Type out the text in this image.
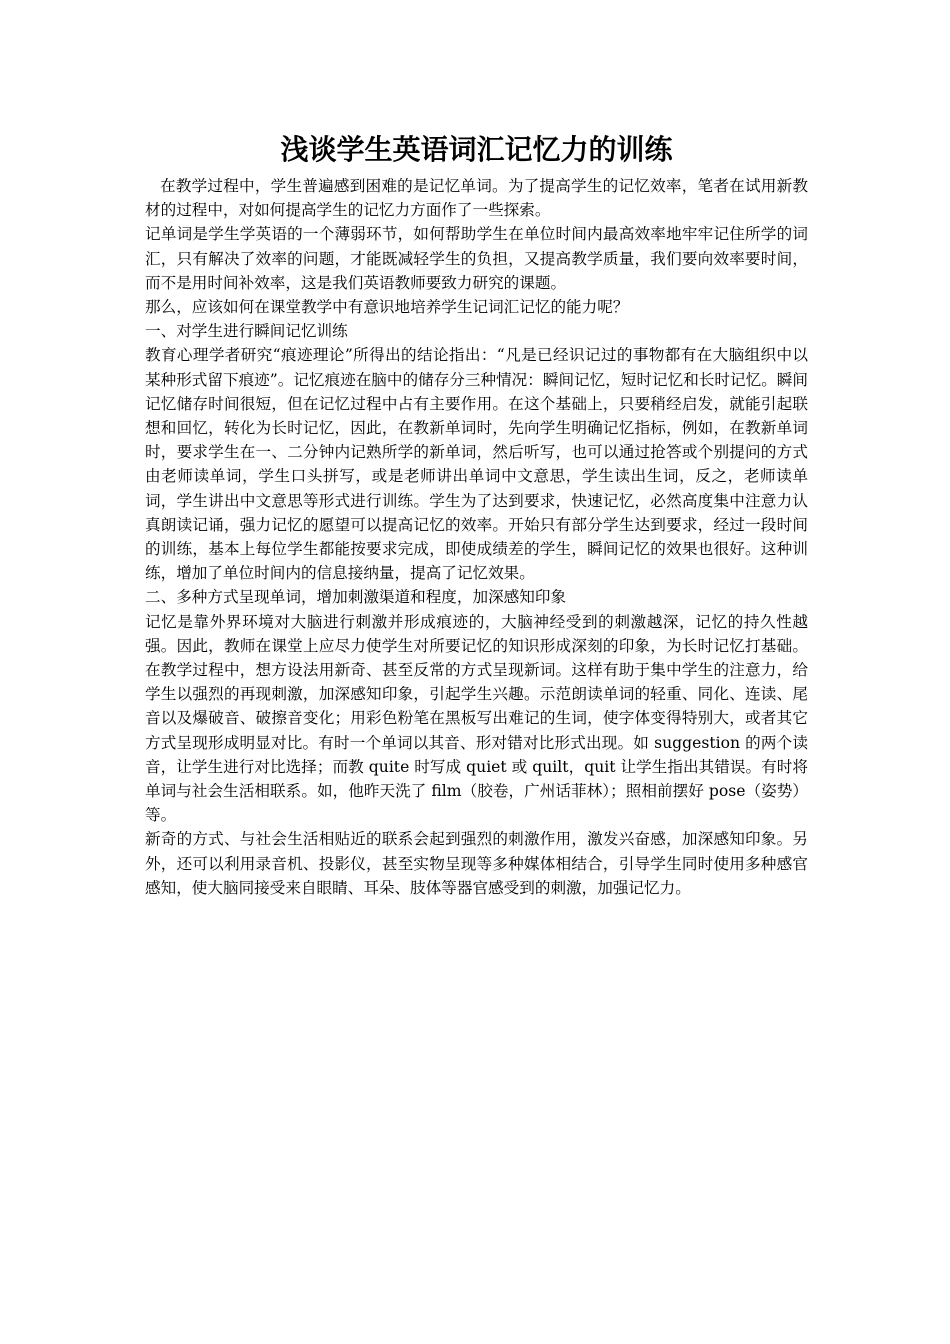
浅谈学生英语词汇记忆力的训练

在教学过程中，学生普遍感到困难的是记忆单词。为了提高学生的记忆效率，笔者在试用新教材的过程中，对如何提高学生的记忆力方面作了一些探索。

记单词是学生学英语的一个薄弱环节，如何帮助学生在单位时间内最高效率地牢牢记住所学的词汇，只有解决了效率的问题，才能既减轻学生的负担，又提高教学质量，我们要向效率要时间，而不是用时间补效率，这是我们英语教师要致力研究的课题。

那么，应该如何在课堂教学中有意识地培养学生记词汇记忆的能力呢？

一、对学生进行瞬间记忆训练

教育心理学者研究“痕迹理论”所得出的结论指出：“凡是已经识记过的事物都有在大脑组织中以某种形式留下痕迹”。记忆痕迹在脑中的储存分三种情况：瞬间记忆，短时记忆和长时记忆。瞬间记忆储存时间很短，但在记忆过程中占有主要作用。在这个基础上，只要稍经启发，就能引起联想和回忆，转化为长时记忆，因此，在教新单词时，先向学生明确记忆指标，例如，在教新单词时，要求学生在一、二分钟内记熟所学的新单词，然后听写，也可以通过抢答或个别提问的方式由老师读单词，学生口头拼写，或是老师讲出单词中文意思，学生读出生词，反之，老师读单词，学生讲出中文意思等形式进行训练。学生为了达到要求，快速记忆，必然高度集中注意力认真朗读记诵，强力记忆的愿望可以提高记忆的效率。开始只有部分学生达到要求，经过一段时间的训练，基本上每位学生都能按要求完成，即使成绩差的学生，瞬间记忆的效果也很好。这种训练，增加了单位时间内的信息接纳量，提高了记忆效果。

二、多种方式呈现单词，增加刺激渠道和程度，加深感知印象

记忆是靠外界环境对大脑进行刺激并形成痕迹的，大脑神经受到的刺激越深，记忆的持久性越强。因此，教师在课堂上应尽力使学生对所要记忆的知识形成深刻的印象，为长时记忆打基础。在教学过程中，想方设法用新奇、甚至反常的方式呈现新词。这样有助于集中学生的注意力，给学生以强烈的再现刺激，加深感知印象，引起学生兴趣。示范朗读单词的轻重、同化、连读、尾音以及爆破音、破擦音变化；用彩色粉笔在黑板写出难记的生词，使字体变得特别大，或者其它方式呈现形成明显对比。有时一个单词以其音、形对错对比形式出现。如 suggestion 的两个读音，让学生进行对比选择；而教 quite 时写成 quiet 或 quilt，quit 让学生指出其错误。有时将单词与社会生活相联系。如，他昨天洗了 film（胶卷，广州话菲林）；照相前摆好 pose（姿势）等。

新奇的方式、与社会生活相贴近的联系会起到强烈的刺激作用，激发兴奋感，加深感知印象。另外，还可以利用录音机、投影仪，甚至实物呈现等多种媒体相结合，引导学生同时使用多种感官感知，使大脑同接受来自眼睛、耳朵、肢体等器官感受到的刺激，加强记忆力。
